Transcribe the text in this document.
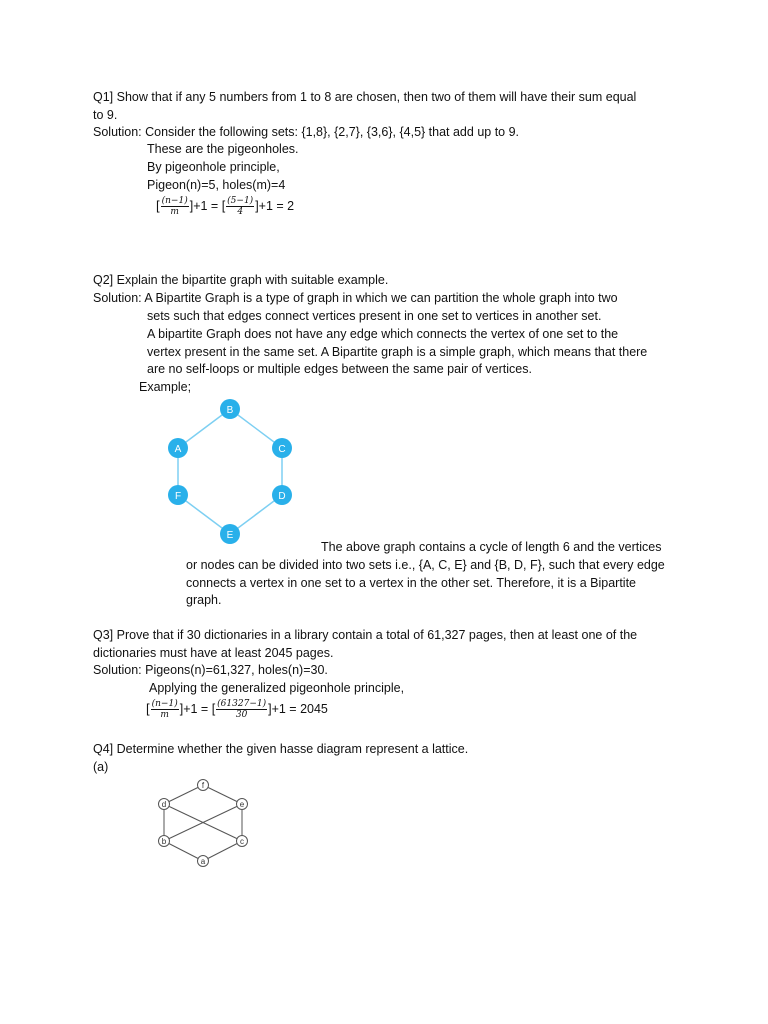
Q1] Show that if any 5 numbers from 1 to 8 are chosen, then two of them will have their sum equal
to 9.
Solution: Consider the following sets: {1,8}, {2,7}, {3,6}, {4,5} that add up to 9.
These are the pigeonholes.
By pigeonhole principle,
Pigeon(n)=5, holes(m)=4
[ $\frac{(n-1)}{m} ]+1$ = [ $\frac{(5-1)}{4} ]+1 = 2$
Q2] Explain the bipartite graph with suitable example.
Solution: A Bipartite Graph is a type of graph in which we can partition the whole graph into two
sets such that edges connect vertices present in one set to vertices in another set.
A bipartite Graph does not have any edge which connects the vertex of one set to the
vertex present in the same set. A Bipartite graph is a simple graph, which means that there
are no self-loops or multiple edges between the same pair of vertices.
Example;
B
A	C
F	D
E
The above graph contains a cycle of length 6 and the vertices
or nodes can be divided into two sets i.e., {A, C, E} and {B, D, F}, such that every edge
connects a vertex in one set to a vertex in the other set. Therefore, it is a Bipartite
graph.
Q3] Prove that if 30 dictionaries in a library contain a total of 61,327 pages, then at least one of the
dictionaries must have at least 2045 pages.
Solution: Pigeons(n)=61,327, holes(n)=30.
Applying the generalized pigeonhole principle,
[ $\frac{(n-1)}{m} ]+1$ = [ $\frac{(61327-1)}{30} ]+1 = 2045$
Q4] Determine whether the given hasse diagram represent a lattice.
(a)
f
d	e
b	c
a
